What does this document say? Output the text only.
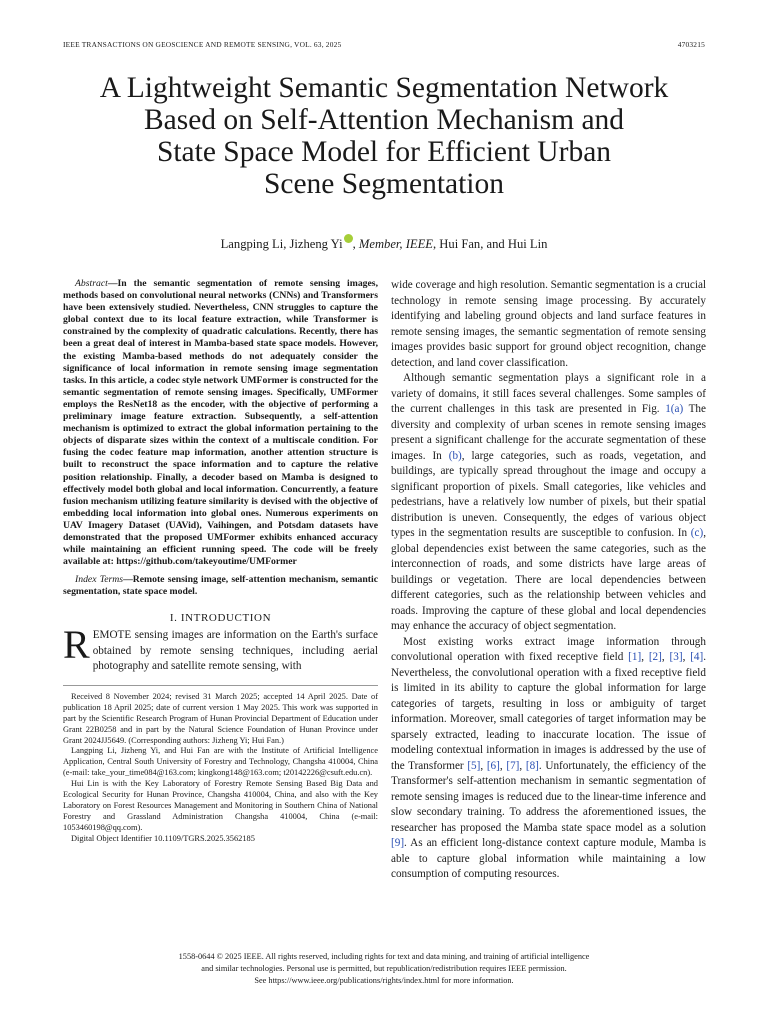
IEEE TRANSACTIONS ON GEOSCIENCE AND REMOTE SENSING, VOL. 63, 2025	4703215
A Lightweight Semantic Segmentation Network
Based on Self-Attention Mechanism and
State Space Model for Efficient Urban
Scene Segmentation
Langping Li, Jizheng Yi , Member, IEEE, Hui Fan, and Hui Lin

Abstract—In the semantic segmentation of remote sensing images, methods based on convolutional neural networks (CNNs) and Transformers have been extensively studied. Nevertheless, CNN struggles to capture the global context due to its local feature extraction, while Transformer is constrained by the complexity of quadratic calculations. Recently, there has been a great deal of interest in Mamba-based state space models. However, the existing Mamba-based methods do not adequately consider the significance of local information in remote sensing image segmentation tasks. In this article, a codec style network UMFormer is constructed for the semantic segmentation of remote sensing images. Specifically, UMFormer employs the ResNet18 as the encoder, with the objective of performing a preliminary image feature extraction. Subsequently, a self-attention mechanism is optimized to extract the global information pertaining to the objects of disparate sizes within the context of a multiscale condition. For fusing the codec feature map information, another attention structure is built to reconstruct the space information and to capture the relative position relationship. Finally, a decoder based on Mamba is designed to effectively model both global and local information. Concurrently, a feature fusion mechanism utilizing feature similarity is devised with the objective of embedding local information into global ones. Numerous experiments on UAV Imagery Dataset (UAVid), Vaihingen, and Potsdam datasets have demonstrated that the proposed UMFormer exhibits enhanced accuracy while maintaining an efficient running speed. The code will be freely available at: https://github.com/takeyoutime/UMFormer

Index Terms—Remote sensing image, self-attention mechanism, semantic segmentation, state space model.

I. INTRODUCTION

REMOTE sensing images are information on the Earth's surface obtained by remote sensing techniques, including aerial photography and satellite remote sensing, with

Received 8 November 2024; revised 31 March 2025; accepted 14 April 2025. Date of publication 18 April 2025; date of current version 1 May 2025. This work was supported in part by the Scientific Research Program of Hunan Provincial Department of Education under Grant 22B0258 and in part by the Natural Science Foundation of Hunan Province under Grant 2024JJ5649. (Corresponding authors: Jizheng Yi; Hui Fan.)

Langping Li, Jizheng Yi, and Hui Fan are with the Institute of Artificial Intelligence Application, Central South University of Forestry and Technology, Changsha 410004, China (e-mail: take_your_time084@163.com; kingkong148@163.com; t20142226@csuft.edu.cn).

Hui Lin is with the Key Laboratory of Forestry Remote Sensing Based Big Data and Ecological Security for Hunan Province, Changsha 410004, China, and also with the Key Laboratory on Forest Resources Management and Monitoring in Southern China of National Forestry and Grassland Administration Changsha 410004, China (e-mail: 1053460198@qq.com).

Digital Object Identifier 10.1109/TGRS.2025.3562185

wide coverage and high resolution. Semantic segmentation is a crucial technology in remote sensing image processing. By accurately identifying and labeling ground objects and land surface features in remote sensing images, the semantic segmentation of remote sensing images provides basic support for ground object recognition, change detection, and land cover classification.

Although semantic segmentation plays a significant role in a variety of domains, it still faces several challenges. Some samples of the current challenges in this task are presented in Fig. 1(a) The diversity and complexity of urban scenes in remote sensing images present a significant challenge for the accurate segmentation of these images. In (b), large categories, such as roads, vegetation, and buildings, are typically spread throughout the image and occupy a significant proportion of pixels. Small categories, like vehicles and pedestrians, have a relatively low number of pixels, but their spatial distribution is uneven. Consequently, the edges of various object types in the segmentation results are susceptible to confusion. In (c), global dependencies exist between the same categories, such as the interconnection of roads, and some districts have large areas of buildings or vegetation. There are local dependencies between different categories, such as the relationship between vehicles and roads. Improving the capture of these global and local dependencies may enhance the accuracy of object segmentation.

Most existing works extract image information through convolutional operation with fixed receptive field [1], [2], [3], [4]. Nevertheless, the convolutional operation with a fixed receptive field is limited in its ability to capture the global information for large categories of targets, resulting in loss or ambiguity of target information. Moreover, small categories of target information may be sparsely extracted, leading to inaccurate location. The issue of modeling contextual information in images is addressed by the use of the Transformer [5], [6], [7], [8]. Unfortunately, the efficiency of the Transformer's self-attention mechanism in semantic segmentation of remote sensing images is reduced due to the linear-time inference and slow secondary training. To address the aforementioned issues, the researcher has proposed the Mamba state space model as a solution [9]. As an efficient long-distance context capture module, Mamba is able to capture global information while maintaining a low consumption of computing resources.

1558-0644 © 2025 IEEE. All rights reserved, including rights for text and data mining, and training of artificial intelligence
and similar technologies. Personal use is permitted, but republication/redistribution requires IEEE permission.
See https://www.ieee.org/publications/rights/index.html for more information.
